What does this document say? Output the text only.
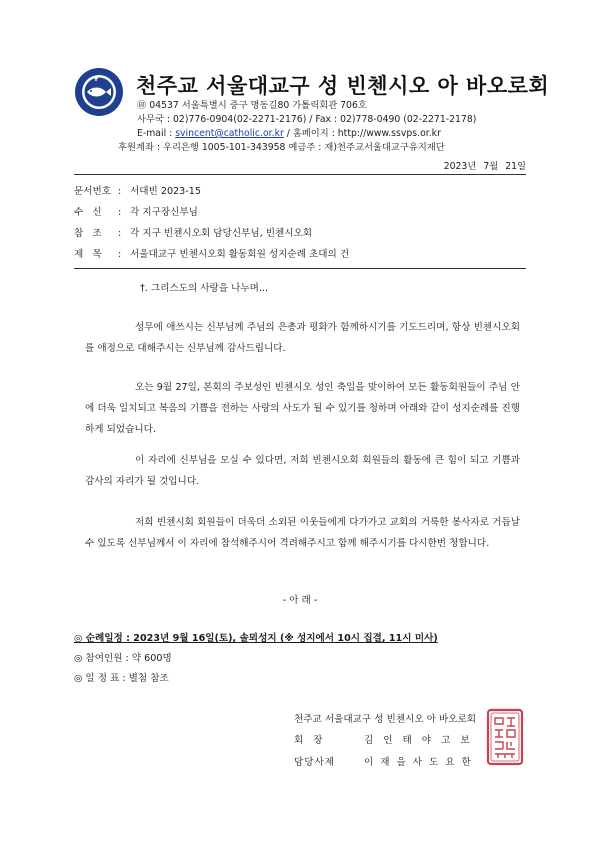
천주교 서울대교구 성 빈첸시오 아 바오로회
㊞ 04537 서울특별시 중구 명동길80 가톨릭회관 706호
사무국 : 02)776-0904(02-2271-2176) / Fax : 02)778-0490 (02-2271-2178)
E-mail : svincent@catholic.or.kr / 홈페이지 : http://www.ssvps.or.kr
후원계좌 : 우리은행 1005-101-343958 예금주 : 재)천주교서울대교구유지재단
2023년 7월 21일
문서번호 : 서대빈 2023-15
수   신 : 각 지구장신부님
참   조 : 각 지구 빈첸시오회 담당신부님, 빈첸시오회
제   목 : 서울대교구 빈첸시오회 활동회원 성지순례 초대의 건
†. 그리스도의 사랑을 나누며...

성무에 애쓰시는 신부님께 주님의 은총과 평화가 함께하시기를 기도드리며, 항상 빈첸시오회를 애정으로 대해주시는 신부님께 감사드립니다.

오는 9월 27일, 본회의 주보성인 빈첸시오 성인 축일을 맞이하여 모든 활동회원들이 주님 안에 더욱 일치되고 복음의 기쁨을 전하는 사랑의 사도가 될 수 있기를 청하며 아래와 같이 성지순례를 진행하게 되었습니다.

이 자리에 신부님을 모실 수 있다면, 저희 빈첸시오회 회원들의 활동에 큰 힘이 되고 기쁨과 감사의 자리가 될 것입니다.

저희 빈첸시회 회원들이 더욱더 소외된 이웃들에게 다가가고 교회의 거룩한 봉사자로 거듭날 수 있도록 신부님께서 이 자리에 참석해주시어 격려해주시고 함께 해주시기를 다시한번 청합니다.

- 아 래 -
◎ 순례일정 : 2023년 9월 16일(토), 솔뫼성지 (※ 성지에서 10시 집결, 11시 미사)
◎ 참여인원 : 약 600명
◎ 일 정 표 : 별첨 참조
천주교 서울대교구 성 빈첸시오 아 바오로회
회장	김인태야고보
담당사제	이재을사도요한
